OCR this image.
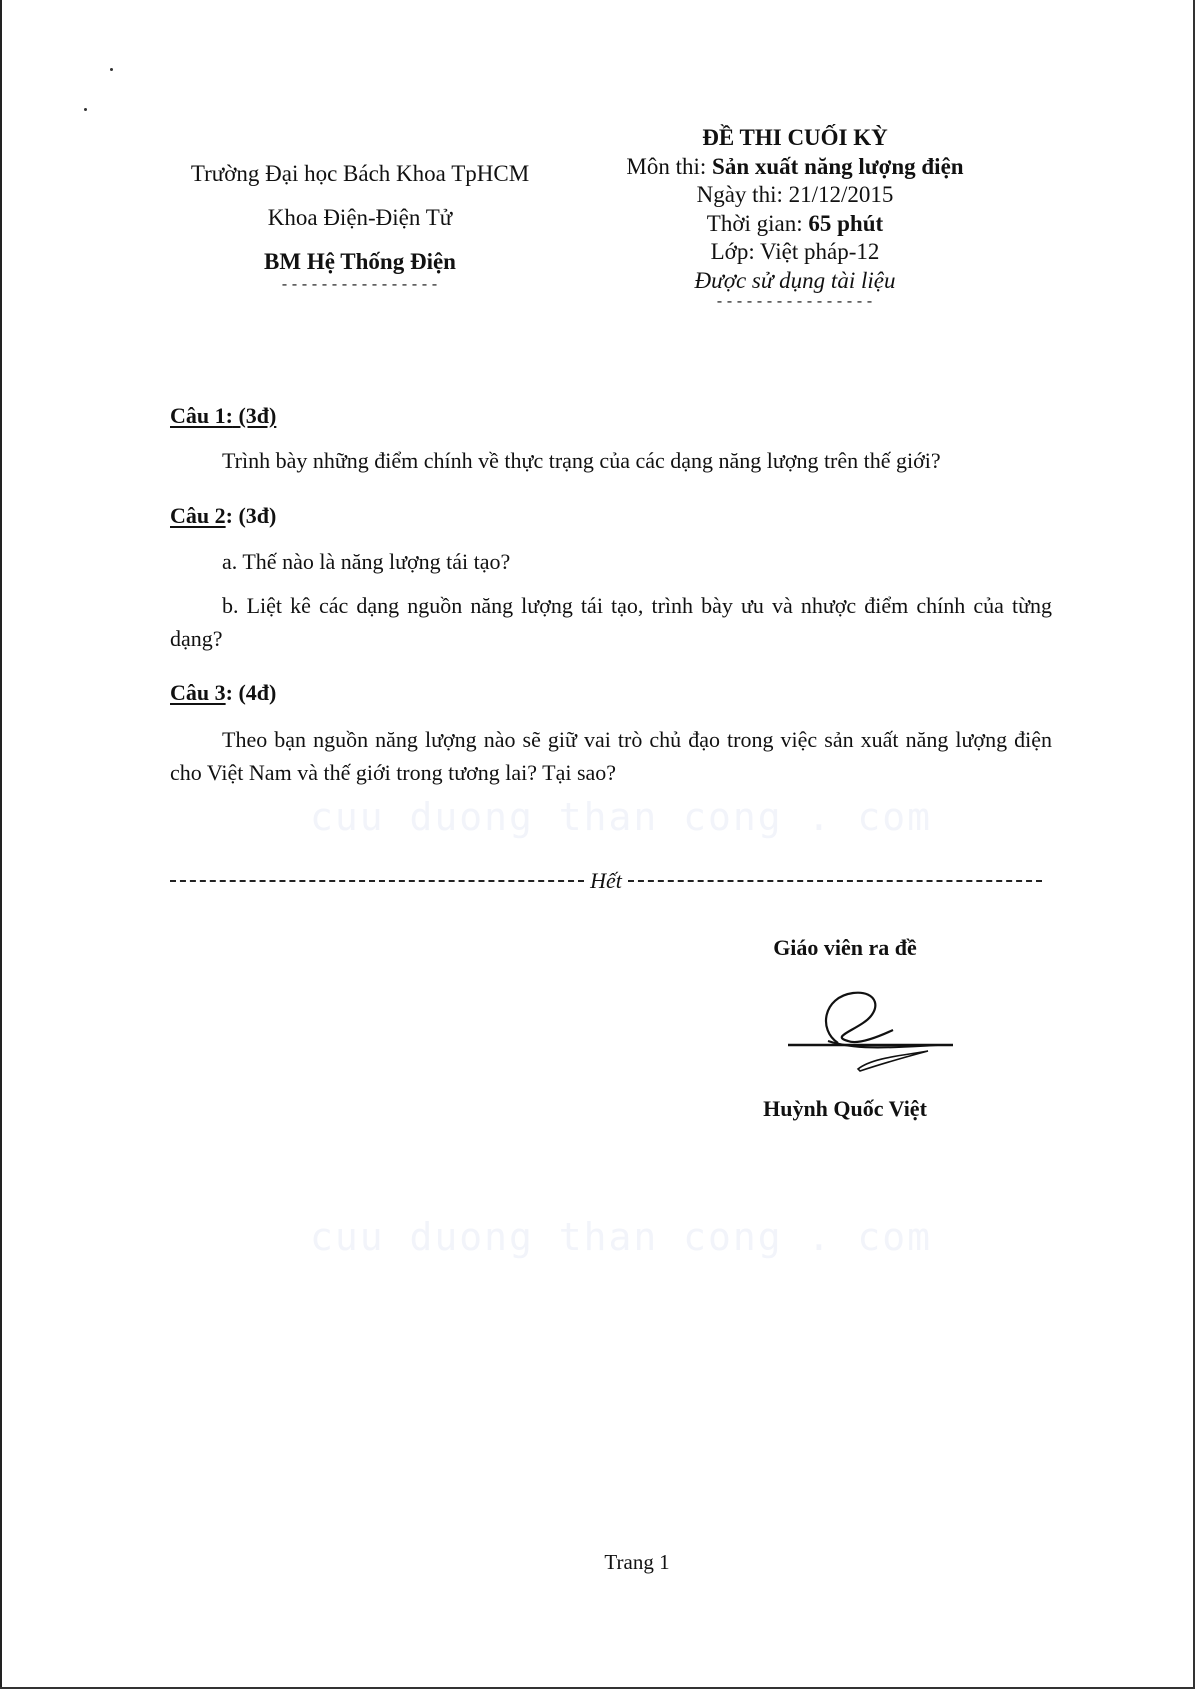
Trường Đại học Bách Khoa TpHCM
Khoa Điện-Điện Tử
BM Hệ Thống Điện
----------------
ĐỀ THI CUỐI KỲ
Môn thi: Sản xuất năng lượng điện
Ngày thi: 21/12/2015
Thời gian: 65 phút
Lớp: Việt pháp-12
Được sử dụng tài liệu
----------------
Câu 1: (3đ)
Trình bày những điểm chính về thực trạng của các dạng năng lượng trên thế giới?
Câu 2: (3đ)
a. Thế nào là năng lượng tái tạo?
b. Liệt kê các dạng nguồn năng lượng tái tạo, trình bày ưu và nhược điểm chính của từng dạng?
Câu 3: (4đ)
Theo bạn nguồn năng lượng nào sẽ giữ vai trò chủ đạo trong việc sản xuất năng lượng điện cho Việt Nam và thế giới trong tương lai? Tại sao?
cuu duong than cong . com
cuu duong than cong . com
Hết
Giáo viên ra đề
Huỳnh Quốc Việt
Trang 1
